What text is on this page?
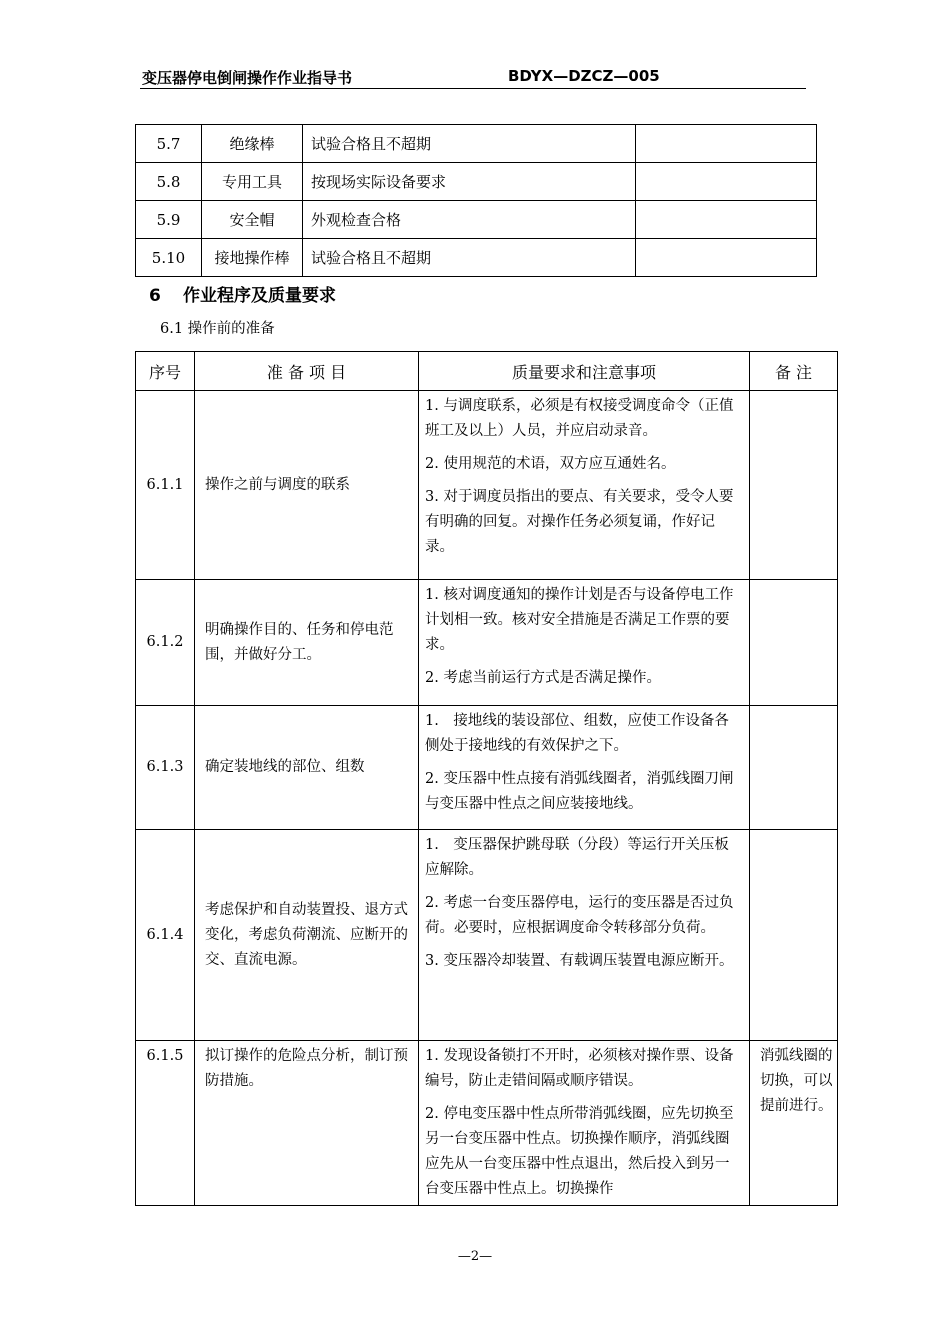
变压器停电倒闸操作作业指导书	BDYX—DZCZ—005
5.7	绝缘棒	试验合格且不超期	
5.8	专用工具	按现场实际设备要求	
5.9	安全帽	外观检查合格	
5.10	接地操作棒	试验合格且不超期	
6 作业程序及质量要求
6.1 操作前的准备
序号	准 备 项 目	质量要求和注意事项	备 注
6.1.1	操作之前与调度的联系	1. 与调度联系，必须是有权接受调度命令（正值班工及以上）人员，并应启动录音。

2. 使用规范的术语，双方应互通姓名。

3. 对于调度员指出的要点、有关要求，受令人要有明确的回复。对操作任务必须复诵，作好记录。	

6.1.2	明确操作目的、任务和停电范围，并做好分工。	1. 核对调度通知的操作计划是否与设备停电工作计划相一致。核对安全措施是否满足工作票的要求。

2. 考虑当前运行方式是否满足操作。	

6.1.3	确定装地线的部位、组数	1.　接地线的装设部位、组数，应使工作设备各侧处于接地线的有效保护之下。

2. 变压器中性点接有消弧线圈者，消弧线圈刀闸与变压器中性点之间应装接地线。	

6.1.4	考虑保护和自动装置投、退方式变化，考虑负荷潮流、应断开的交、直流电源。	1.　变压器保护跳母联（分段）等运行开关压板应解除。

2. 考虑一台变压器停电，运行的变压器是否过负荷。必要时，应根据调度命令转移部分负荷。

3. 变压器冷却装置、有载调压装置电源应断开。	

6.1.5	拟订操作的危险点分析，制订预防措施。	1. 发现设备锁打不开时，必须核对操作票、设备编号，防止走错间隔或顺序错误。

2. 停电变压器中性点所带消弧线圈，应先切换至另一台变压器中性点。切换操作顺序，消弧线圈应先从一台变压器中性点退出，然后投入到另一台变压器中性点上。切换操作	消弧线圈的切换，可以提前进行。
—2—
